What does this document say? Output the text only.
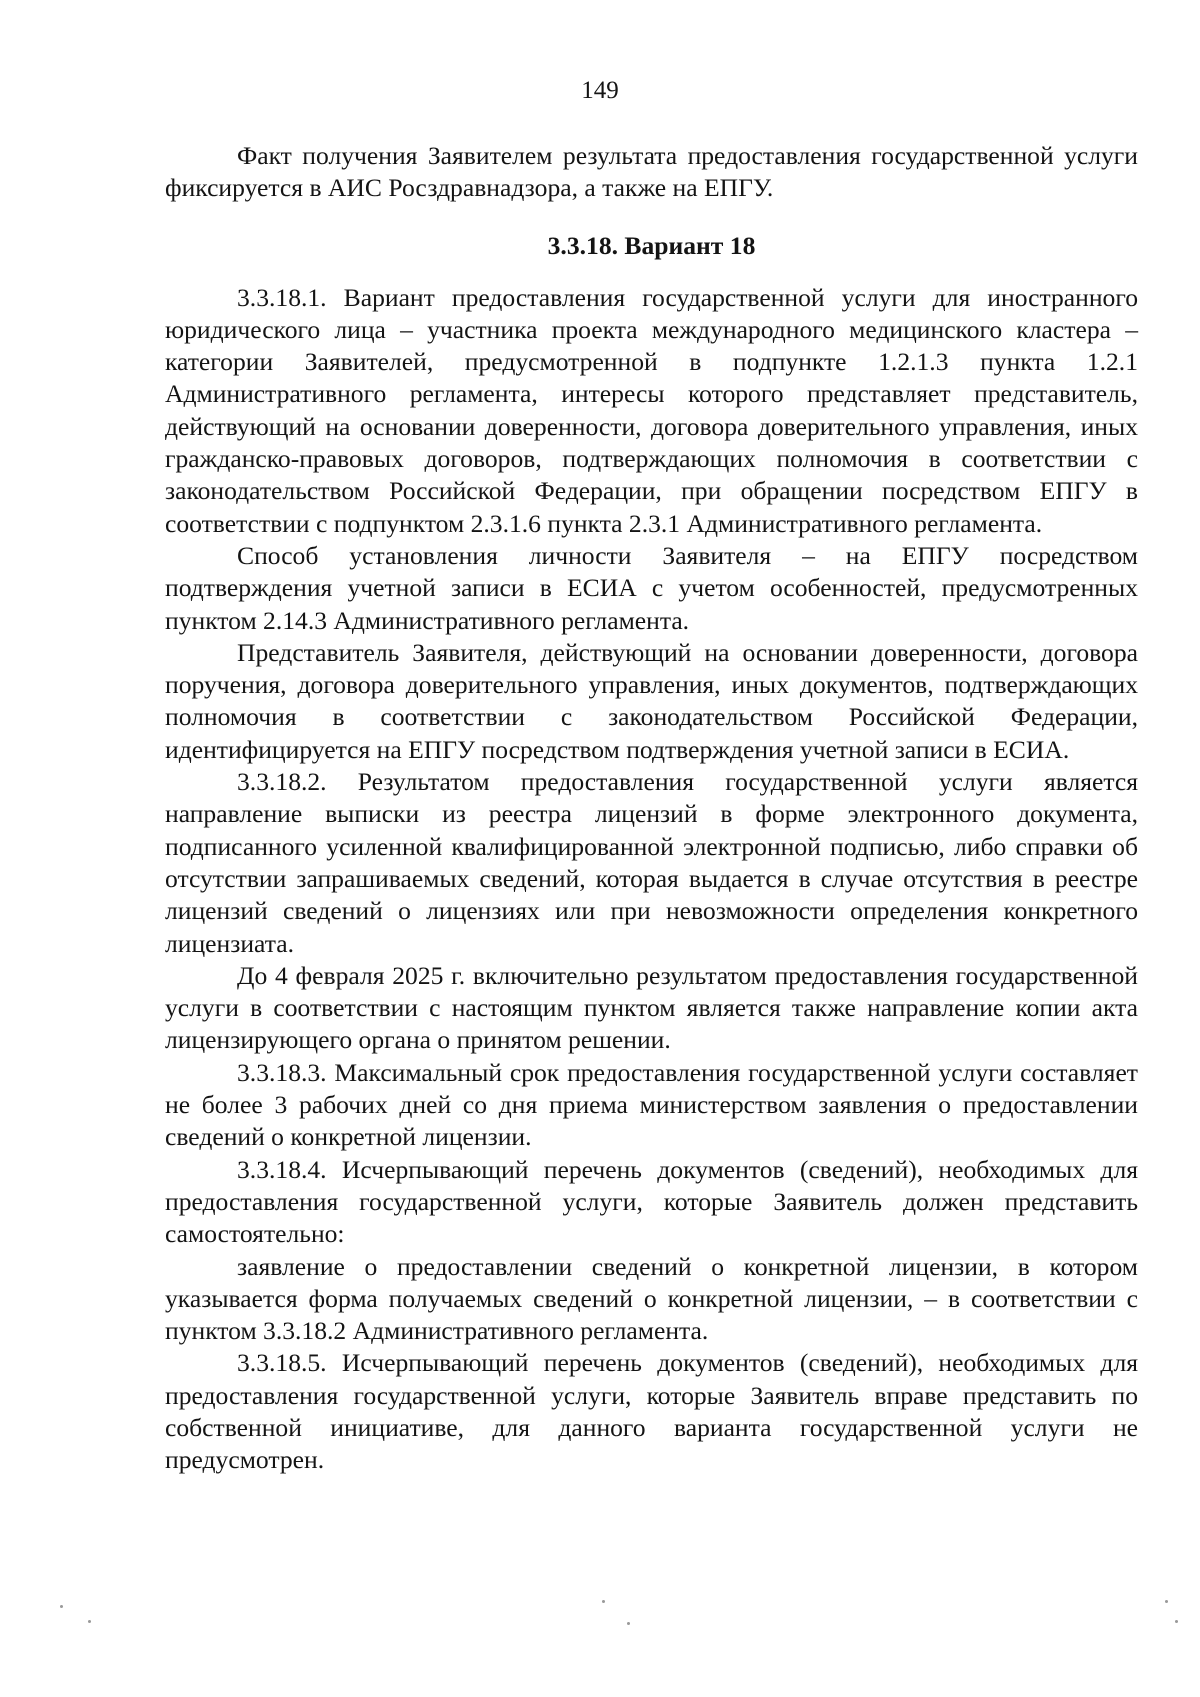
149

Факт получения Заявителем результата предоставления государственной услуги фиксируется в АИС Росздравнадзора, а также на ЕПГУ.

3.3.18. Вариант 18

3.3.18.1. Вариант предоставления государственной услуги для иностранного юридического лица – участника проекта международного медицинского кластера – категории Заявителей, предусмотренной в подпункте 1.2.1.3 пункта 1.2.1 Административного регламента, интересы которого представляет представитель, действующий на основании доверенности, договора доверительного управления, иных гражданско-правовых договоров, подтверждающих полномочия в соответствии с законодательством Российской Федерации, при обращении посредством ЕПГУ в соответствии с подпунктом 2.3.1.6 пункта 2.3.1 Административного регламента.

Способ установления личности Заявителя – на ЕПГУ посредством подтверждения учетной записи в ЕСИА с учетом особенностей, предусмотренных пунктом 2.14.3 Административного регламента.

Представитель Заявителя, действующий на основании доверенности, договора поручения, договора доверительного управления, иных документов, подтверждающих полномочия в соответствии с законодательством Российской Федерации, идентифицируется на ЕПГУ посредством подтверждения учетной записи в ЕСИА.

3.3.18.2. Результатом предоставления государственной услуги является направление выписки из реестра лицензий в форме электронного документа, подписанного усиленной квалифицированной электронной подписью, либо справки об отсутствии запрашиваемых сведений, которая выдается в случае отсутствия в реестре лицензий сведений о лицензиях или при невозможности определения конкретного лицензиата.

До 4 февраля 2025 г. включительно результатом предоставления государственной услуги в соответствии с настоящим пунктом является также направление копии акта лицензирующего органа о принятом решении.

3.3.18.3. Максимальный срок предоставления государственной услуги составляет не более 3 рабочих дней со дня приема министерством заявления о предоставлении сведений о конкретной лицензии.

3.3.18.4. Исчерпывающий перечень документов (сведений), необходимых для предоставления государственной услуги, которые Заявитель должен представить самостоятельно:

заявление о предоставлении сведений о конкретной лицензии, в котором указывается форма получаемых сведений о конкретной лицензии, – в соответствии с пунктом 3.3.18.2 Административного регламента.

3.3.18.5. Исчерпывающий перечень документов (сведений), необходимых для предоставления государственной услуги, которые Заявитель вправе представить по собственной инициативе, для данного варианта государственной услуги не предусмотрен.
